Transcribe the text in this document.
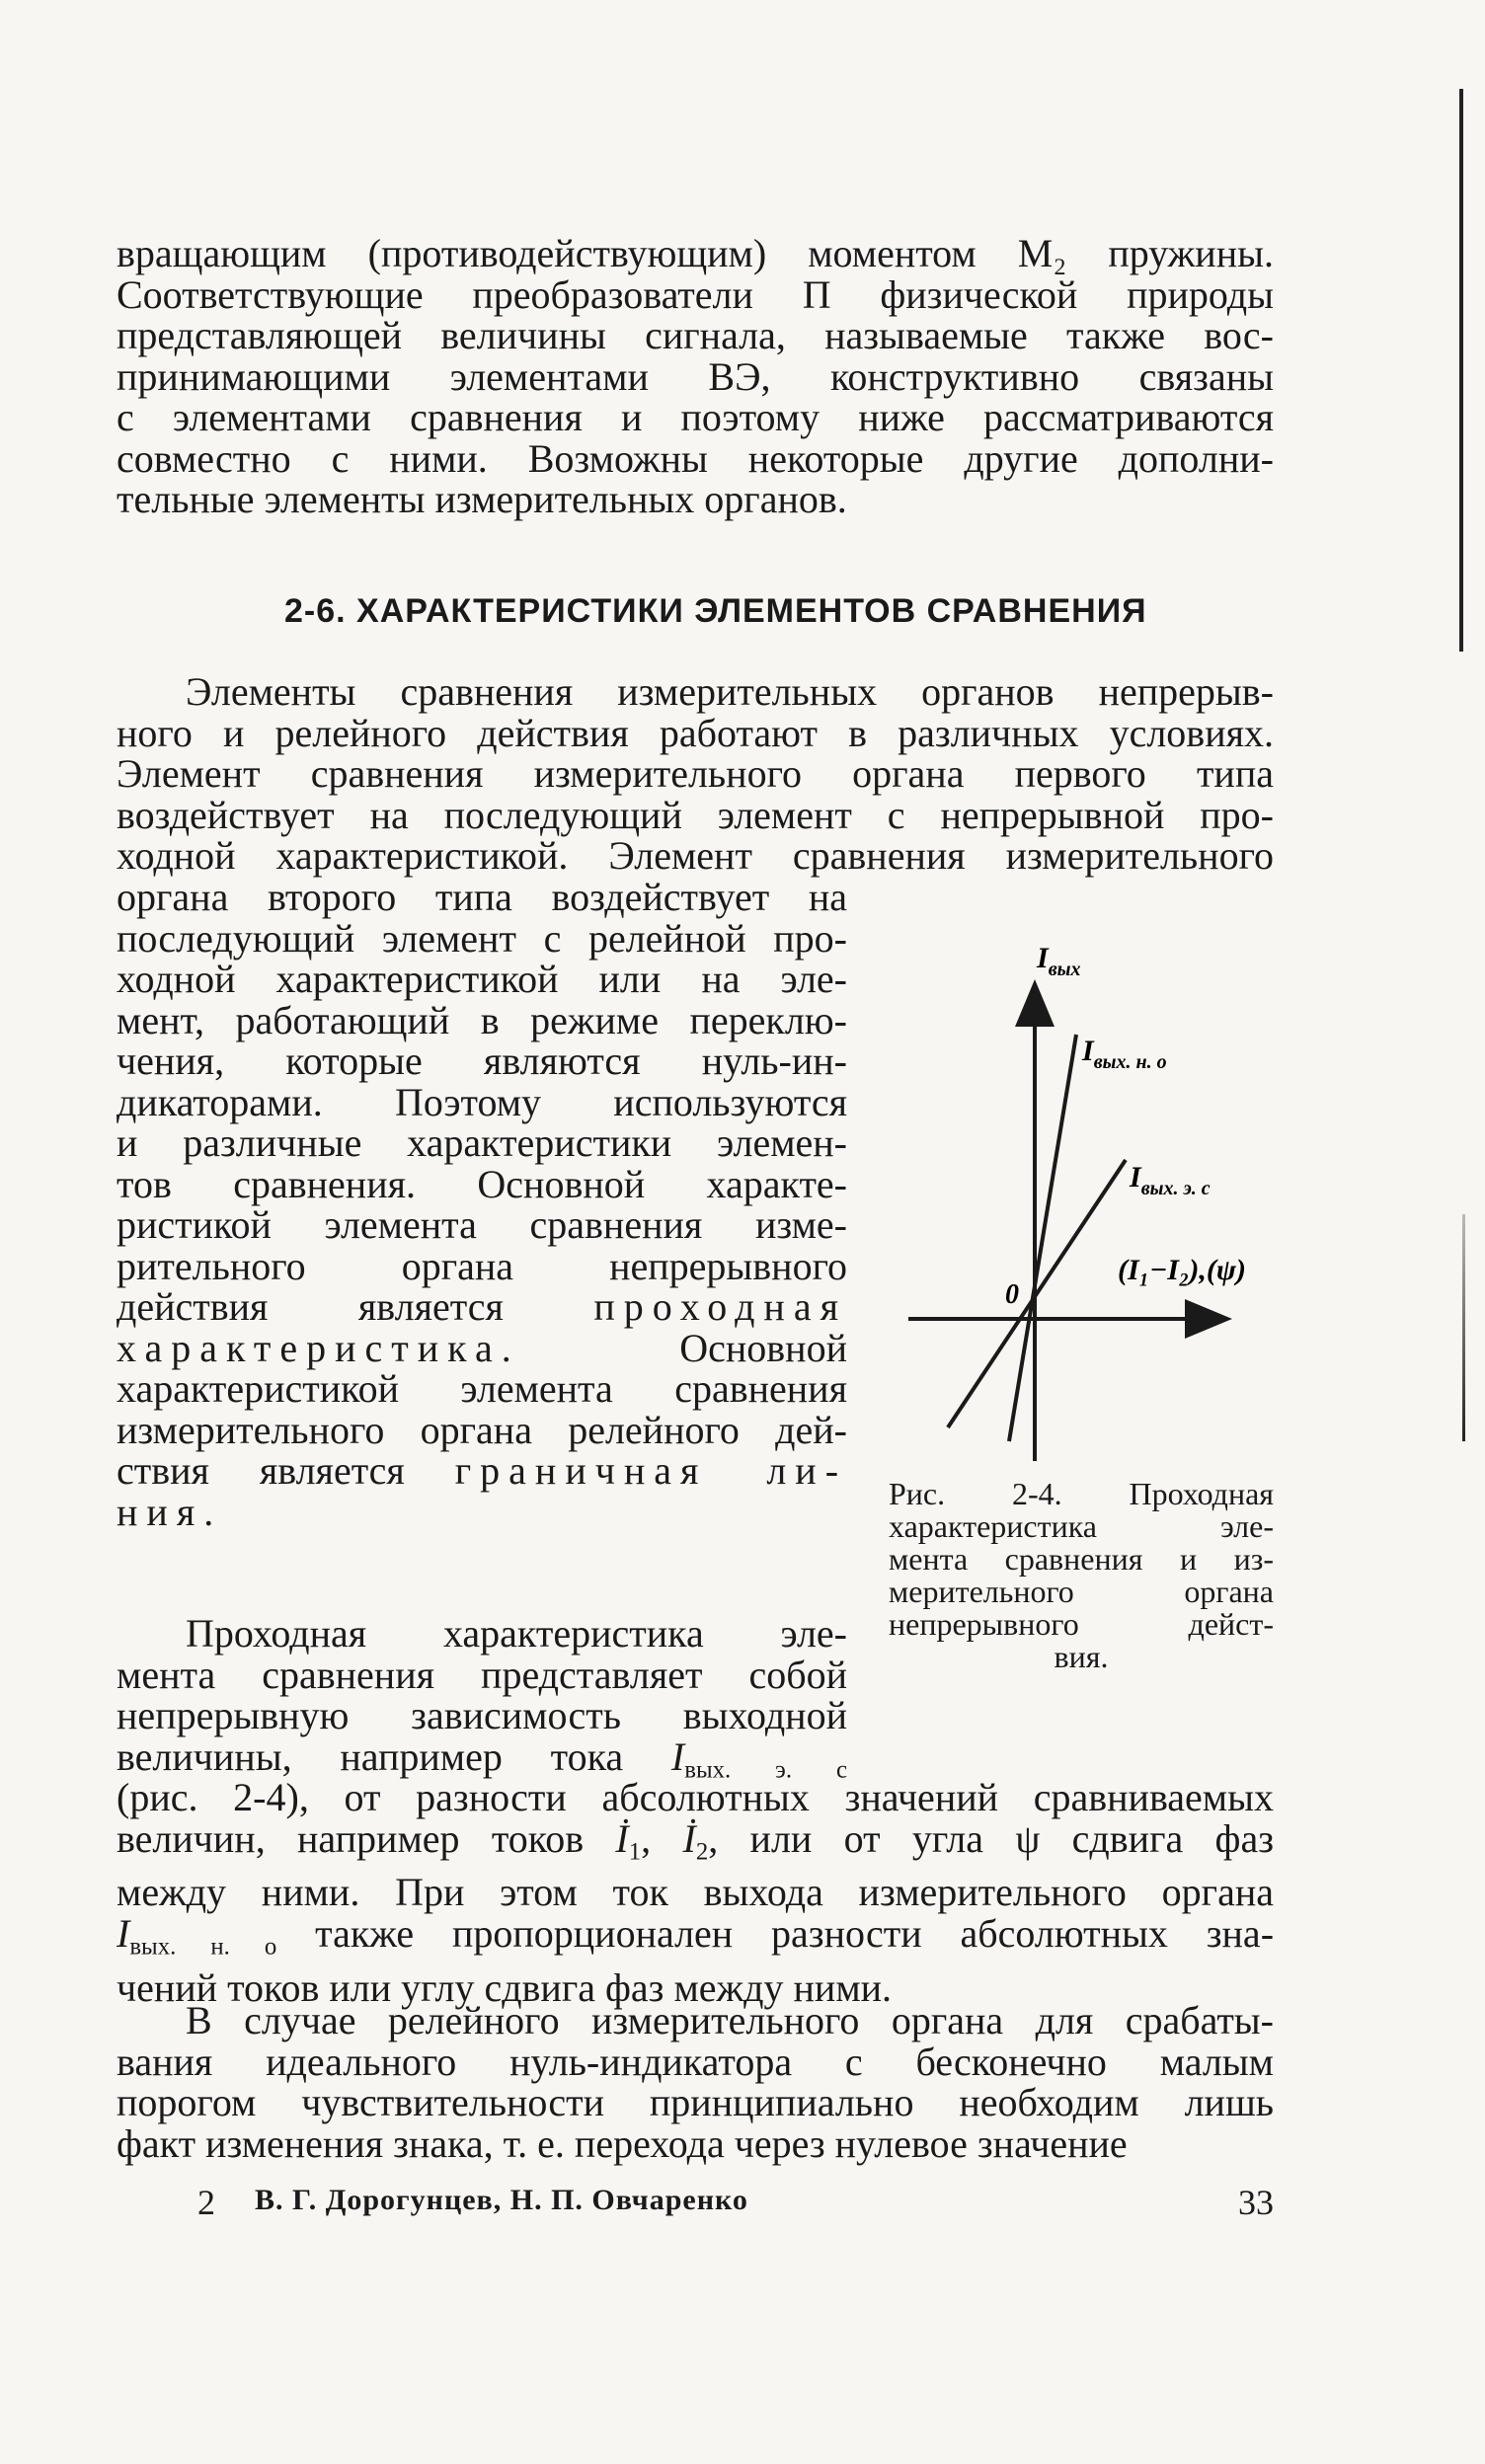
вращающим (противодействующим) моментом М₂ пружины.
Соответствующие преобразователи П физической природы
представляющей величины сигнала, называемые также вос-
принимающими элементами ВЭ, конструктивно связаны
с элементами сравнения и поэтому ниже рассматриваются
совместно с ними. Возможны некоторые другие дополни-
тельные элементы измерительных органов.

2-6. ХАРАКТЕРИСТИКИ ЭЛЕМЕНТОВ СРАВНЕНИЯ

Элементы сравнения измерительных органов непрерыв-
ного и релейного действия работают в различных условиях.
Элемент сравнения измерительного органа первого типа
воздействует на последующий элемент с непрерывной про-
ходной характеристикой. Элемент сравнения измерительного

органа второго типа воздействует на
последующий элемент с релейной про-
ходной характеристикой или на эле-
мент, работающий в режиме переклю-
чения, которые являются нуль-ин-
дикаторами. Поэтому используются
и различные характеристики элемен-
тов сравнения. Основной характе-
ристикой элемента сравнения изме-
рительного органа непрерывного
действия является проходная
характеристика.	Основной
характеристикой элемента сравнения
измерительного органа релейного дей-
ствия является граничная ли-
ния.

Проходная характеристика эле-
мента сравнения представляет собой
непрерывную зависимость выходной
величины, например тока $I_{вых. э. с}$

(рис. 2-4), от разности абсолютных значений сравниваемых
величин, например токов $İ_1$, $İ_2$, или от угла ψ сдвига фаз
между ними. При этом ток выхода измерительного органа
$I_{вых. н. о}$ также пропорционален разности абсолютных зна-
чений токов или углу сдвига фаз между ними.

В случае релейного измерительного органа для срабаты-
вания идеального нуль-индикатора с бесконечно малым
порогом чувствительности принципиально необходим лишь
факт изменения знака, т. е. перехода через нулевое значение

$I_{вых}$
$I_{вых. н. о}$
$I_{вых. э. с}$
0
(I₁−I₂),(ψ)

Рис. 2-4. Проходная
характеристика эле-
мента сравнения и из-
мерительного органа
непрерывного дейст-
вия.

2 В. Г. Дорогунцев, Н. П. Овчаренко	33
